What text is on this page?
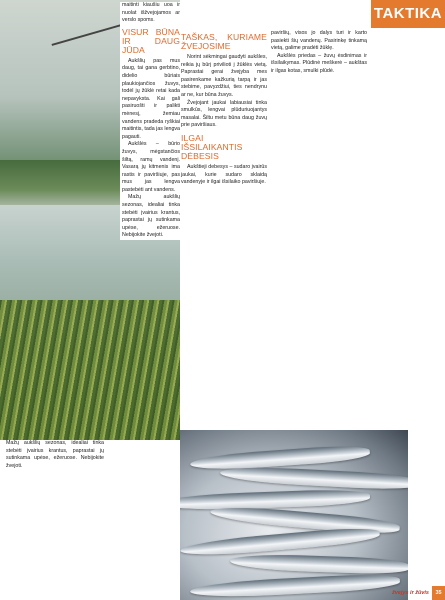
TAKTIKA

maitinti kiaušiu uoa ir nuolat išžvejojamos ar verslo spoms.

VISUR BŪNA IR DAUG JŪDA

Aukšlių pas mus daug, tai gana gerbtino, didelio būriais plaukiojančios žuvys, todėl jų žūklė retai kada nepavyksta. Kai gali pasiruošti ir palikti mėnesį, žemiau vandens pradeda ryškiai maitintis, tada jas lengva pagauti.

Aukšlės – būrio žuvys, mėgstančios šiltą, ramų vandenį. Vasarą jų kitmenis ima rastis ir paviršiuje, pas mus jas lengva pastebėti ant vandens.

Mažų aukšlių sezonas, idealiai tinka stebėti įvairius krantus, paprastai jų sutinkama upėse, ežeruose. Nebijokite žvejoti.

TAŠKAS, KURIAME ŽVEJOSIME

Norint sėkmingai gaudyti aukšles, reikia jų būrį privilioti į žūklės vietą. Paprastai gerai žvejyba mes pasirenkame kažkurią tarpą ir jas stebime, pavyzdžiui, ties nendrynu ar ne, kur būna žuvys.

Žvejojant jaukai labiausiai tinka smulkūs, lengvai plūduriuojantys masalai. Šiltu metu būna daug žuvų prie paviršiaus.

ILGAI IŠSILAIKANTIS DĖBESIS

Aukštieji debesys – sudaro įvairūs jaukai, kurie sudaro sklaidą vandenyje ir ilgai išsilaiko paviršiuje.

paviršių, visos jo dalys turi ir karto pasiekti šių vandenų. Pasirinkę tinkamą vietą, galime pradėti žūklę.

Aukšlės priedas – žuvų ėsdinimas ir išsilaikymas. Plūdinė meškerė – aukštas ir ilgas kotas, smulki plūdė.

Mažų aukšlių sezonas, idealiai tinka stebėti įvairius krantus, paprastai jų sutinkama upėse, ežeruose. Nebijokite žvejoti.

žvejys ir žūvis 35
